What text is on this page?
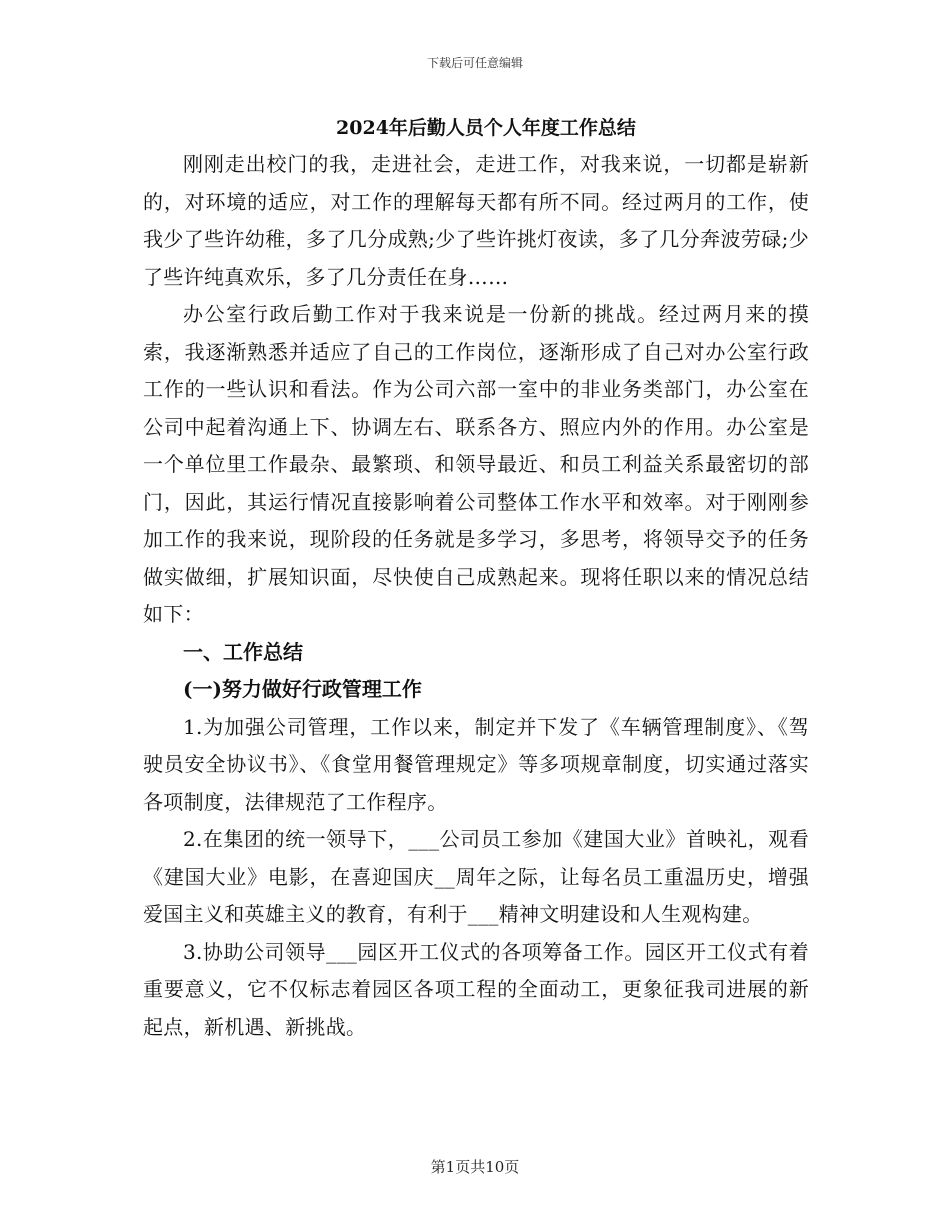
下载后可任意编辑

2024年后勤人员个人年度工作总结

刚刚走出校门的我，走进社会，走进工作，对我来说，一切都是崭新的，对环境的适应，对工作的理解每天都有所不同。经过两月的工作，使我少了些许幼稚，多了几分成熟;少了些许挑灯夜读，多了几分奔波劳碌;少了些许纯真欢乐，多了几分责任在身……

办公室行政后勤工作对于我来说是一份新的挑战。经过两月来的摸索，我逐渐熟悉并适应了自己的工作岗位，逐渐形成了自己对办公室行政工作的一些认识和看法。作为公司六部一室中的非业务类部门，办公室在公司中起着沟通上下、协调左右、联系各方、照应内外的作用。办公室是一个单位里工作最杂、最繁琐、和领导最近、和员工利益关系最密切的部门，因此，其运行情况直接影响着公司整体工作水平和效率。对于刚刚参加工作的我来说，现阶段的任务就是多学习，多思考，将领导交予的任务做实做细，扩展知识面，尽快使自己成熟起来。现将任职以来的情况总结如下：

一、工作总结

(一)努力做好行政管理工作

1.为加强公司管理，工作以来，制定并下发了《车辆管理制度》、《驾驶员安全协议书》、《食堂用餐管理规定》等多项规章制度，切实通过落实各项制度，法律规范了工作程序。

2.在集团的统一领导下，___公司员工参加《建国大业》首映礼，观看《建国大业》电影，在喜迎国庆__周年之际，让每名员工重温历史，增强爱国主义和英雄主义的教育，有利于___精神文明建设和人生观构建。

3.协助公司领导___园区开工仪式的各项筹备工作。园区开工仪式有着重要意义，它不仅标志着园区各项工程的全面动工，更象征我司进展的新起点，新机遇、新挑战。

第1页共10页
